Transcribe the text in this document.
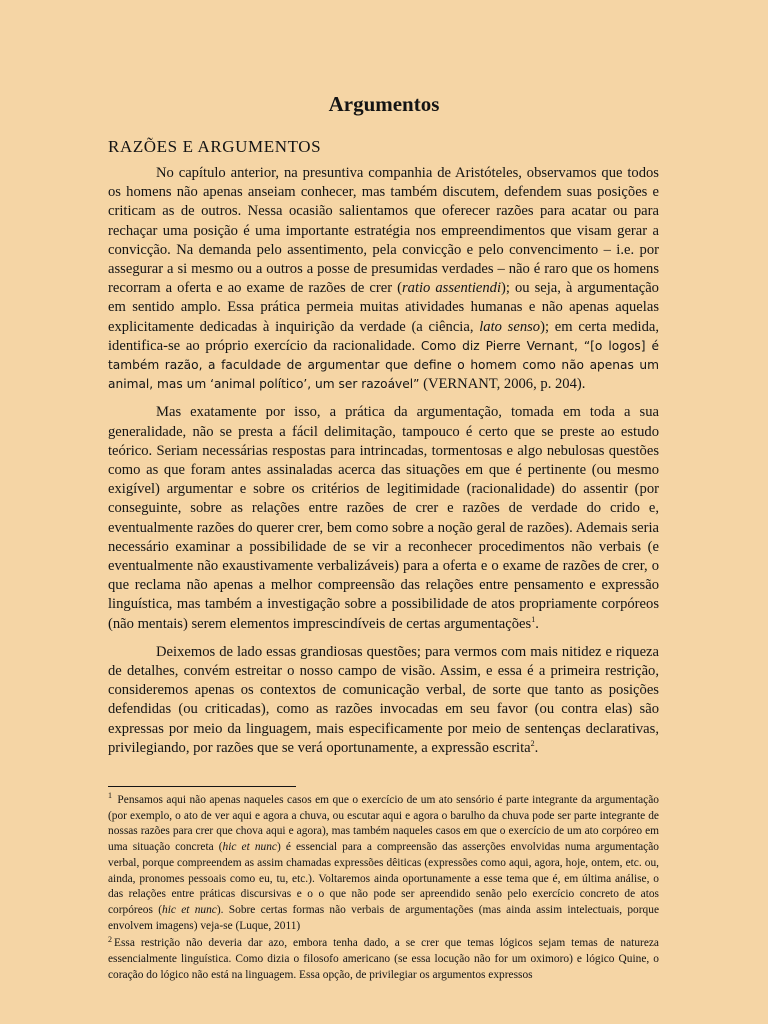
Argumentos
RAZÕES E ARGUMENTOS

No capítulo anterior, na presuntiva companhia de Aristóteles, observamos que todos os homens não apenas anseiam conhecer, mas também discutem, defendem suas posições e criticam as de outros. Nessa ocasião salientamos que oferecer razões para acatar ou para rechaçar uma posição é uma importante estratégia nos empreendimentos que visam gerar a convicção. Na demanda pelo assentimento, pela convicção e pelo convencimento – i.e. por assegurar a si mesmo ou a outros a posse de presumidas verdades – não é raro que os homens recorram a oferta e ao exame de razões de crer (ratio assentiendi); ou seja, à argumentação em sentido amplo. Essa prática permeia muitas atividades humanas e não apenas aquelas explicitamente dedicadas à inquirição da verdade (a ciência, lato senso); em certa medida, identifica-se ao próprio exercício da racionalidade. Como diz Pierre Vernant, “[o logos] é também razão, a faculdade de argumentar que define o homem como não apenas um animal, mas um ‘animal político’, um ser razoável” (VERNANT, 2006, p. 204).

Mas exatamente por isso, a prática da argumentação, tomada em toda a sua generalidade, não se presta a fácil delimitação, tampouco é certo que se preste ao estudo teórico. Seriam necessárias respostas para intrincadas, tormentosas e algo nebulosas questões como as que foram antes assinaladas acerca das situações em que é pertinente (ou mesmo exigível) argumentar e sobre os critérios de legitimidade (racionalidade) do assentir (por conseguinte, sobre as relações entre razões de crer e razões de verdade do crido e, eventualmente razões do querer crer, bem como sobre a noção geral de razões). Ademais seria necessário examinar a possibilidade de se vir a reconhecer procedimentos não verbais (e eventualmente não exaustivamente verbalizáveis) para a oferta e o exame de razões de crer, o que reclama não apenas a melhor compreensão das relações entre pensamento e expressão linguística, mas também a investigação sobre a possibilidade de atos propriamente corpóreos (não mentais) serem elementos imprescindíveis de certas argumentações$^1$.

Deixemos de lado essas grandiosas questões; para vermos com mais nitidez e riqueza de detalhes, convém estreitar o nosso campo de visão. Assim, e essa é a primeira restrição, consideremos apenas os contextos de comunicação verbal, de sorte que tanto as posições defendidas (ou criticadas), como as razões invocadas em seu favor (ou contra elas) são expressas por meio da linguagem, mais especificamente por meio de sentenças declarativas, privilegiando, por razões que se verá oportunamente, a expressão escrita$^2$.

$^1$ Pensamos aqui não apenas naqueles casos em que o exercício de um ato sensório é parte integrante da argumentação (por exemplo, o ato de ver aqui e agora a chuva, ou escutar aqui e agora o barulho da chuva pode ser parte integrante de nossas razões para crer que chova aqui e agora), mas também naqueles casos em que o exercício de um ato corpóreo em uma situação concreta (hic et nunc) é essencial para a compreensão das asserções envolvidas numa argumentação verbal, porque compreendem as assim chamadas expressões dêiticas (expressões como aqui, agora, hoje, ontem, etc. ou, ainda, pronomes pessoais como eu, tu, etc.). Voltaremos ainda oportunamente a esse tema que é, em última análise, o das relações entre práticas discursivas e o o que não pode ser apreendido senão pelo exercício concreto de atos corpóreos (hic et nunc). Sobre certas formas não verbais de argumentações (mas ainda assim intelectuais, porque envolvem imagens) veja-se (Luque, 2011)

$^2$ Essa restrição não deveria dar azo, embora tenha dado, a se crer que temas lógicos sejam temas de natureza essencialmente linguística. Como dizia o filosofo americano (se essa locução não for um oximoro) e lógico Quine, o coração do lógico não está na linguagem. Essa opção, de privilegiar os argumentos expressos
